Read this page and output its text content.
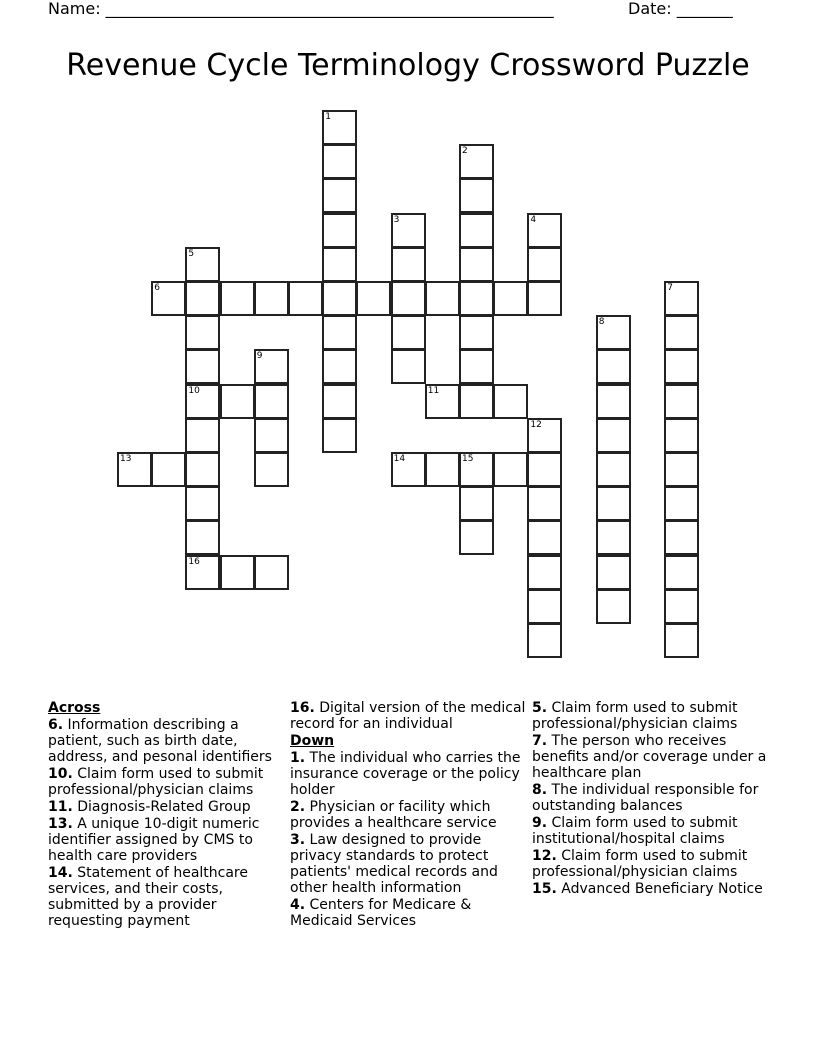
Name: ________________________________________________________	Date: _______
Revenue Cycle Terminology Crossword Puzzle
1
2
3	4
5
6	7
8
9
10	11
12
13	14	15
16
Across
6. Information describing a patient, such as birth date, address, and pesonal identifiers
10. Claim form used to submit professional/physician claims
11. Diagnosis-Related Group
13. A unique 10-digit numeric identifier assigned by CMS to health care providers
14. Statement of healthcare services, and their costs, submitted by a provider requesting payment
16. Digital version of the medical record for an individual
Down
1. The individual who carries the insurance coverage or the policy holder
2. Physician or facility which provides a healthcare service
3. Law designed to provide privacy standards to protect patients' medical records and other health information
4. Centers for Medicare & Medicaid Services
5. Claim form used to submit professional/physician claims
7. The person who receives benefits and/or coverage under a healthcare plan
8. The individual responsible for outstanding balances
9. Claim form used to submit institutional/hospital claims
12. Claim form used to submit professional/physician claims
15. Advanced Beneficiary Notice
